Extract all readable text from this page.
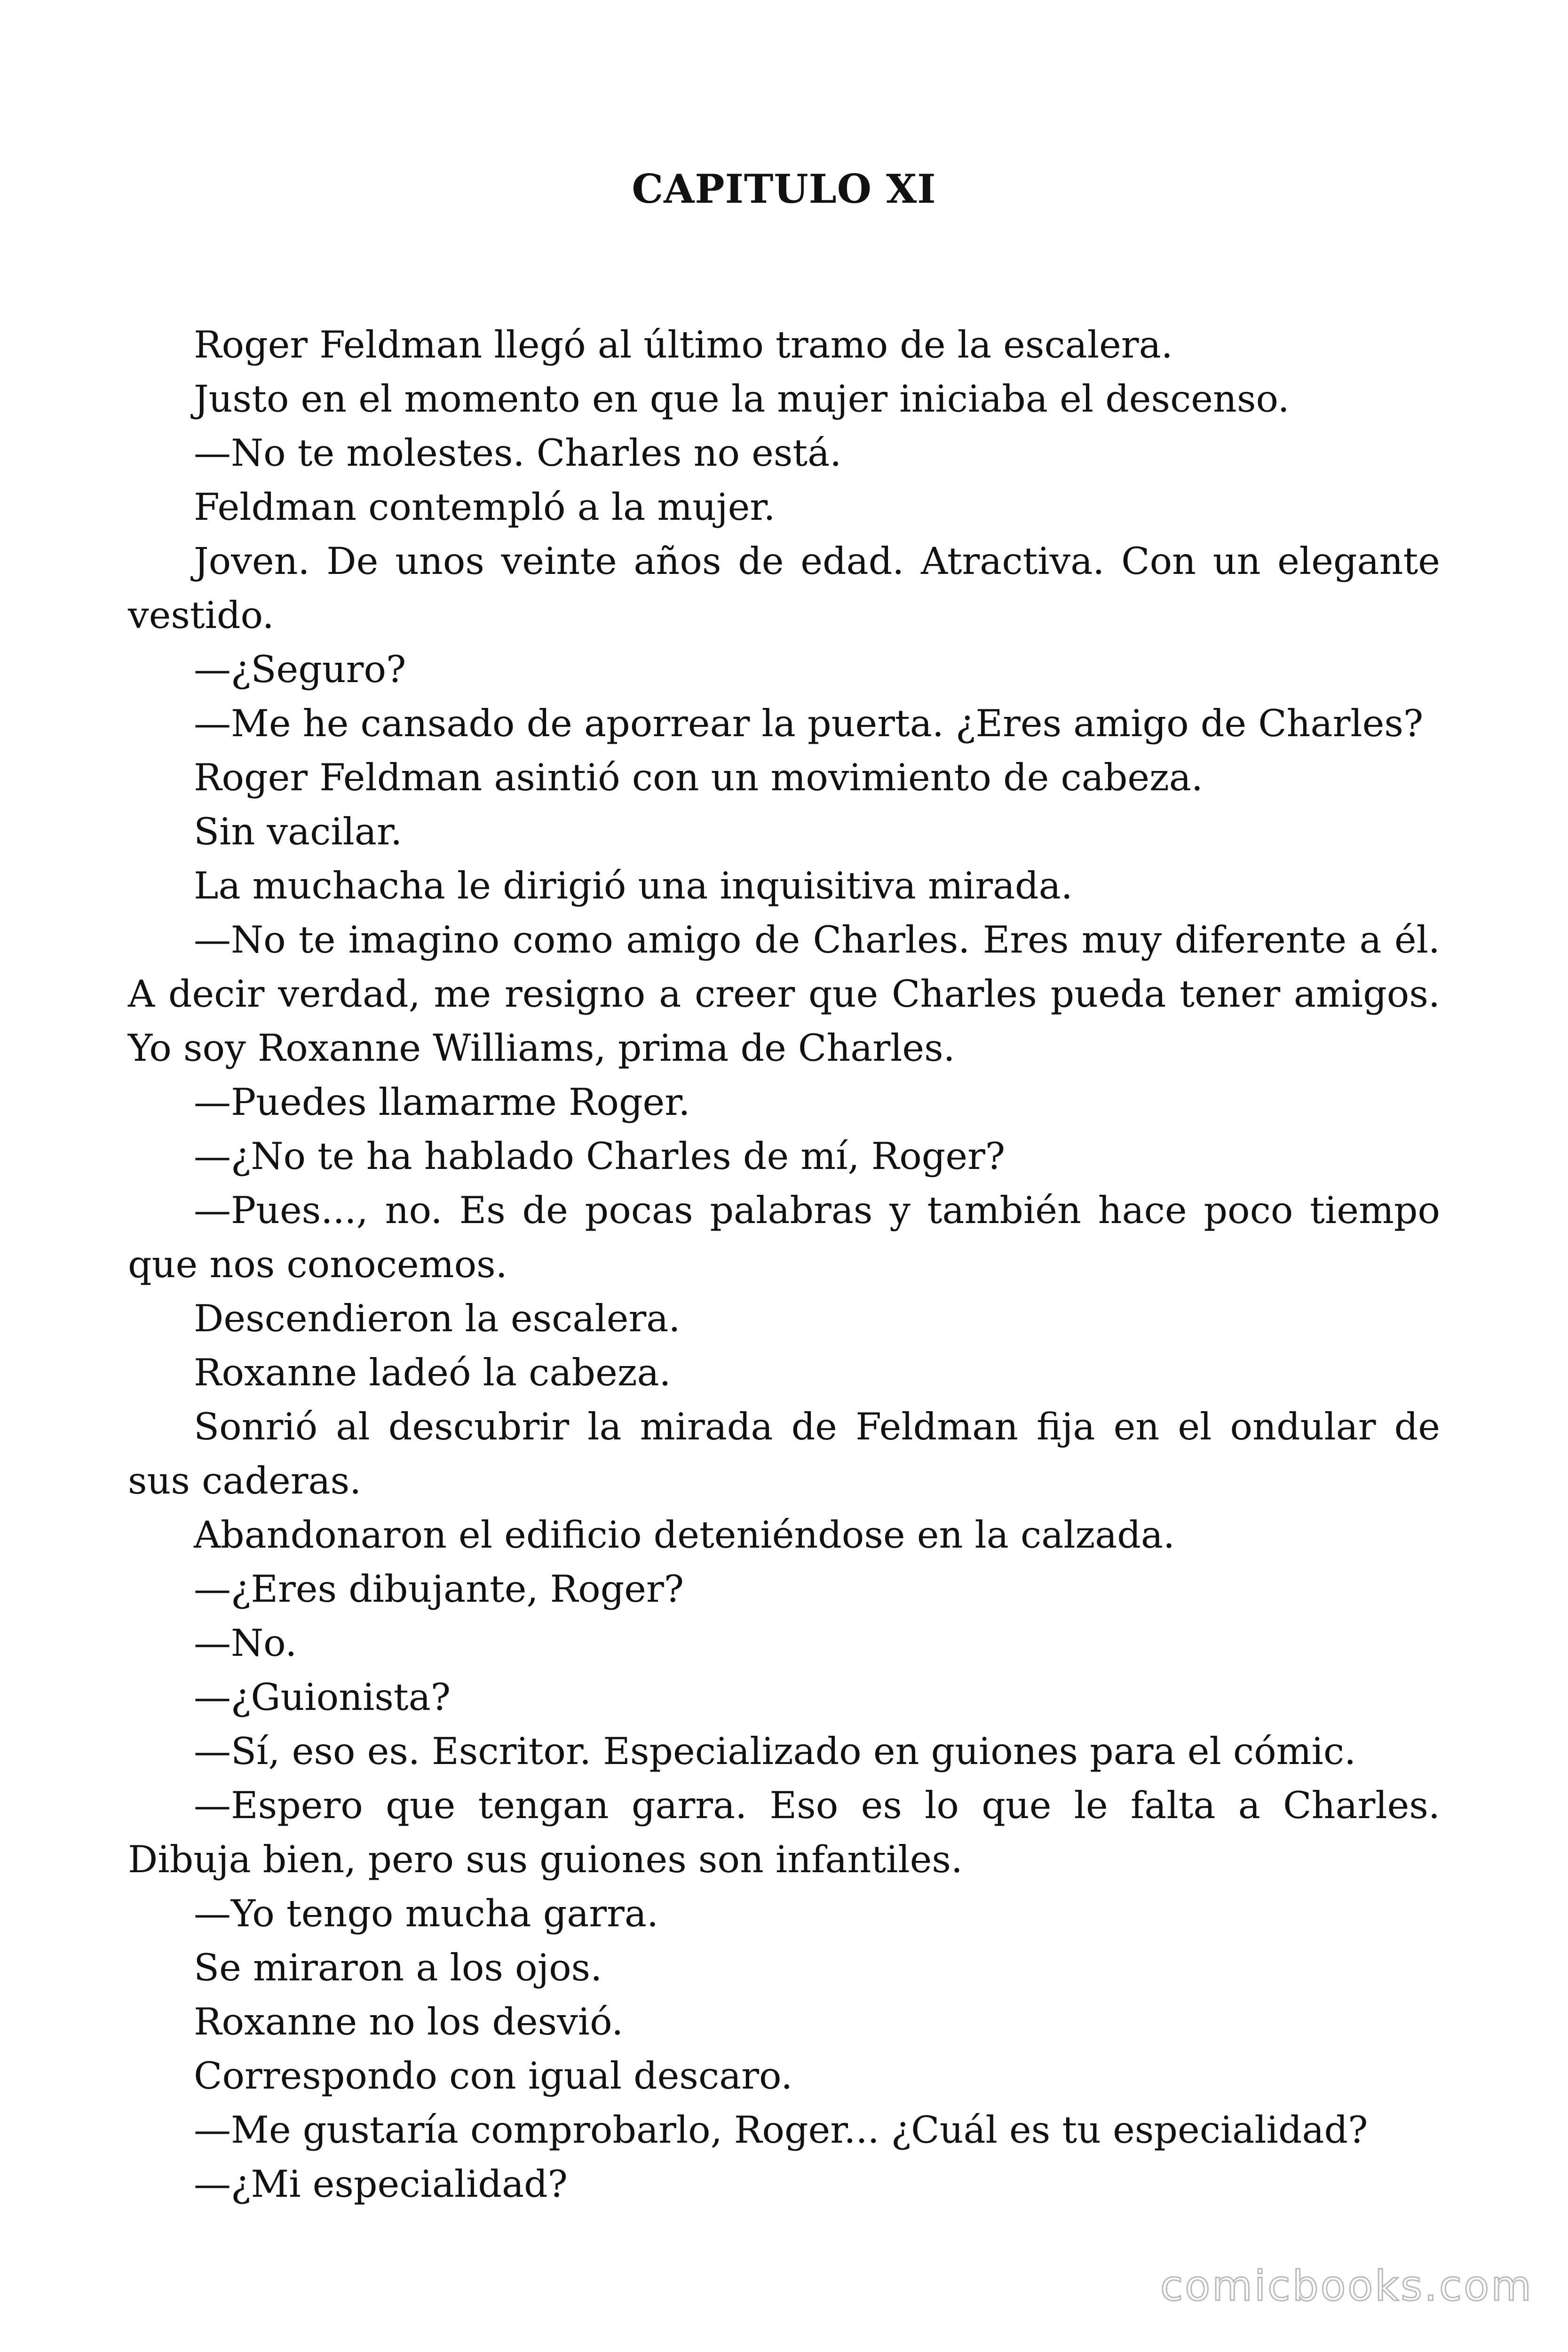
CAPITULO XI

Roger Feldman llegó al último tramo de la escalera.

Justo en el momento en que la mujer iniciaba el descenso.

—No te molestes. Charles no está.

Feldman contempló a la mujer.

Joven. De unos veinte años de edad. Atractiva. Con un elegante vestido.

—¿Seguro?

—Me he cansado de aporrear la puerta. ¿Eres amigo de Charles?

Roger Feldman asintió con un movimiento de cabeza.

Sin vacilar.

La muchacha le dirigió una inquisitiva mirada.

—No te imagino como amigo de Charles. Eres muy diferente a él. A decir verdad, me resigno a creer que Charles pueda tener amigos. Yo soy Roxanne Williams, prima de Charles.

—Puedes llamarme Roger.

—¿No te ha hablado Charles de mí, Roger?

—Pues..., no. Es de pocas palabras y también hace poco tiempo que nos conocemos.

Descendieron la escalera.

Roxanne ladeó la cabeza.

Sonrió al descubrir la mirada de Feldman fija en el ondular de sus caderas.

Abandonaron el edificio deteniéndose en la calzada.

—¿Eres dibujante, Roger?

—No.

—¿Guionista?

—Sí, eso es. Escritor. Especializado en guiones para el cómic.

—Espero que tengan garra. Eso es lo que le falta a Charles. Dibuja bien, pero sus guiones son infantiles.

—Yo tengo mucha garra.

Se miraron a los ojos.

Roxanne no los desvió.

Correspondo con igual descaro.

—Me gustaría comprobarlo, Roger... ¿Cuál es tu especialidad?

—¿Mi especialidad?

comicbooks.com
